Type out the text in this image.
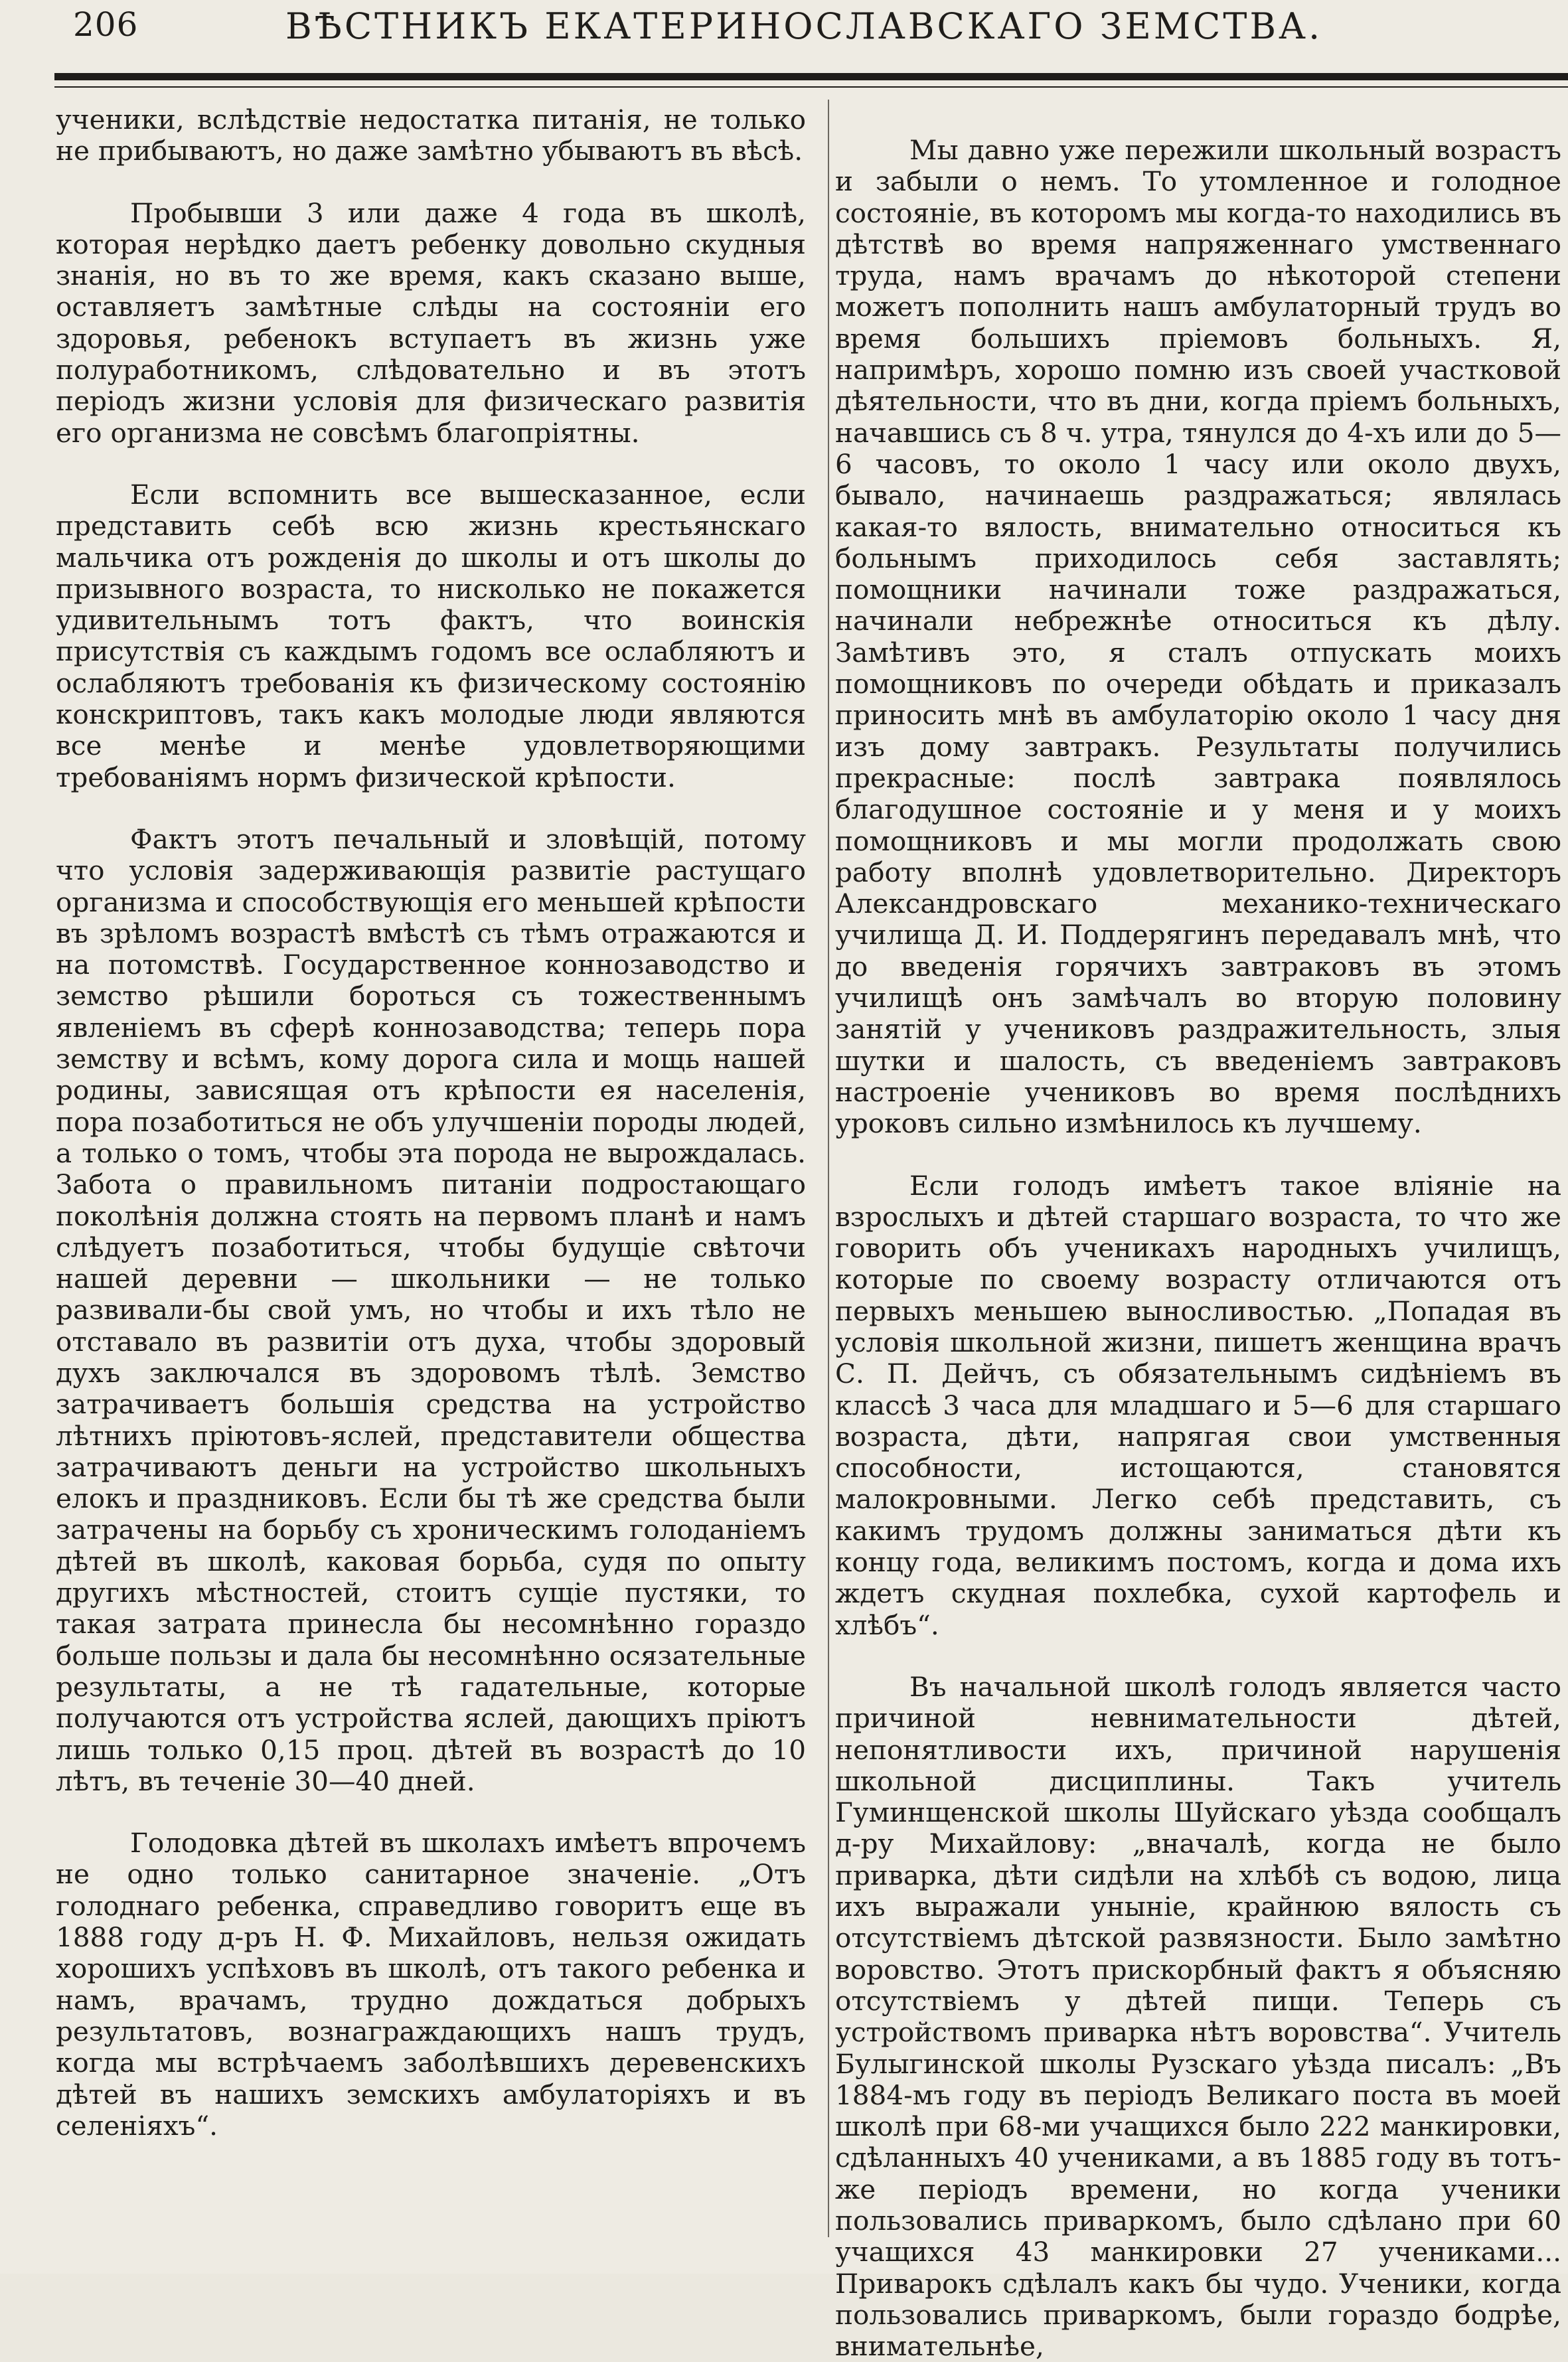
206	ВѢСТНИКЪ ЕКАТЕРИНОСЛАВСКАГО ЗЕМСТВА.

ученики, вслѣдствіе недостатка питанія, не только не прибываютъ, но даже замѣтно убываютъ въ вѣсѣ.

Пробывши 3 или даже 4 года въ школѣ, которая нерѣдко даетъ ребенку довольно скудныя знанія, но въ то же время, какъ сказано выше, оставляетъ замѣтные слѣды на состояніи его здоровья, ребенокъ вступаетъ въ жизнь уже полуработникомъ, слѣдовательно и въ этотъ періодъ жизни условія для физическаго развитія его организма не совсѣмъ благопріятны.

Если вспомнить все вышесказанное, если представить себѣ всю жизнь крестьянскаго мальчика отъ рожденія до школы и отъ школы до призывного возраста, то нисколько не покажется удивительнымъ тотъ фактъ, что воинскія присутствія съ каждымъ годомъ все ослабляютъ и ослабляютъ требованія къ физическому состоянію конскриптовъ, такъ какъ молодые люди являются все менѣе и менѣе удовлетворяющими требованіямъ нормъ физической крѣпости.

Фактъ этотъ печальный и зловѣщій, потому что условія задерживающія развитіе растущаго организма и способствующія его меньшей крѣпости въ зрѣломъ возрастѣ вмѣстѣ съ тѣмъ отражаются и на потомствѣ. Государственное коннозаводство и земство рѣшили бороться съ тожественнымъ явленіемъ въ сферѣ коннозаводства; теперь пора земству и всѣмъ, кому дорога сила и мощь нашей родины, зависящая отъ крѣпости ея населенія, пора позаботиться не объ улучшеніи породы людей, а только о томъ, чтобы эта порода не вырождалась. Забота о правильномъ питаніи подростающаго поколѣнія должна стоять на первомъ планѣ и намъ слѣдуетъ позаботиться, чтобы будущіе свѣточи нашей деревни — школьники — не только развивали-бы свой умъ, но чтобы и ихъ тѣло не отставало въ развитіи отъ духа, чтобы здоровый духъ заключался въ здоровомъ тѣлѣ. Земство затрачиваетъ большія средства на устройство лѣтнихъ пріютовъ-яслей, представители общества затрачиваютъ деньги на устройство школьныхъ елокъ и праздниковъ. Если бы тѣ же средства были затрачены на борьбу съ хроническимъ голоданіемъ дѣтей въ школѣ, каковая борьба, судя по опыту другихъ мѣстностей, стоитъ сущіе пустяки, то такая затрата принесла бы несомнѣнно гораздо больше пользы и дала бы несомнѣнно осязательные результаты, а не тѣ гадательные, которые получаются отъ устройства яслей, дающихъ пріютъ лишь только 0,15 проц. дѣтей въ возрастѣ до 10 лѣтъ, въ теченіе 30—40 дней.

Голодовка дѣтей въ школахъ имѣетъ впрочемъ не одно только санитарное значеніе. „Отъ голоднаго ребенка, справедливо говоритъ еще въ 1888 году д-ръ Н. Ф. Михайловъ, нельзя ожидать хорошихъ успѣховъ въ школѣ, отъ такого ребенка и намъ, врачамъ, трудно дождаться добрыхъ результатовъ, вознаграждающихъ нашъ трудъ, когда мы встрѣчаемъ заболѣвшихъ деревенскихъ дѣтей въ нашихъ земскихъ амбулаторіяхъ и въ селеніяхъ“.

Мы давно уже пережили школьный возрастъ и забыли о немъ. То утомленное и голодное состояніе, въ которомъ мы когда-то находились въ дѣтствѣ во время напряженнаго умственнаго труда, намъ врачамъ до нѣкоторой степени можетъ пополнить нашъ амбулаторный трудъ во время большихъ пріемовъ больныхъ. Я, напримѣръ, хорошо помню изъ своей участковой дѣятельности, что въ дни, когда пріемъ больныхъ, начавшись съ 8 ч. утра, тянулся до 4-хъ или до 5—6 часовъ, то около 1 часу или около двухъ, бывало, начинаешь раздражаться; являлась какая-то вялость, внимательно относиться къ больнымъ приходилось себя заставлять; помощники начинали тоже раздражаться, начинали небрежнѣе относиться къ дѣлу. Замѣтивъ это, я сталъ отпускать моихъ помощниковъ по очереди обѣдать и приказалъ приносить мнѣ въ амбулаторію около 1 часу дня изъ дому завтракъ. Результаты получились прекрасные: послѣ завтрака появлялось благодушное состояніе и у меня и у моихъ помощниковъ и мы могли продолжать свою работу вполнѣ удовлетворительно. Директоръ Александровскаго механико-техническаго училища Д. И. Поддерягинъ передавалъ мнѣ, что до введенія горячихъ завтраковъ въ этомъ училищѣ онъ замѣчалъ во вторую половину занятій у учениковъ раздражительность, злыя шутки и шалость, съ введеніемъ завтраковъ настроеніе учениковъ во время послѣднихъ уроковъ сильно измѣнилось къ лучшему.

Если голодъ имѣетъ такое вліяніе на взрослыхъ и дѣтей старшаго возраста, то что же говорить объ ученикахъ народныхъ училищъ, которые по своему возрасту отличаются отъ первыхъ меньшею выносливостью. „Попадая въ условія школьной жизни, пишетъ женщина врачъ С. П. Дейчъ, съ обязательнымъ сидѣніемъ въ классѣ 3 часа для младшаго и 5—6 для старшаго возраста, дѣти, напрягая свои умственныя способности, истощаются, становятся малокровными. Легко себѣ представить, съ какимъ трудомъ должны заниматься дѣти къ концу года, великимъ постомъ, когда и дома ихъ ждетъ скудная похлебка, сухой картофель и хлѣбъ“.

Въ начальной школѣ голодъ является часто причиной невнимательности дѣтей, непонятливости ихъ, причиной нарушенія школьной дисциплины. Такъ учитель Гуминщенской школы Шуйскаго уѣзда сообщалъ д-ру Михайлову: „вначалѣ, когда не было приварка, дѣти сидѣли на хлѣбѣ съ водою, лица ихъ выражали уныніе, крайнюю вялость съ отсутствіемъ дѣтской развязности. Было замѣтно воровство. Этотъ прискорбный фактъ я объясняю отсутствіемъ у дѣтей пищи. Теперь съ устройствомъ приварка нѣтъ воровства“. Учитель Булыгинской школы Рузскаго уѣзда писалъ: „Въ 1884-мъ году въ періодъ Великаго поста въ моей школѣ при 68-ми учащихся было 222 манкировки, сдѣланныхъ 40 учениками, а въ 1885 году въ тотъ-же періодъ времени, но когда ученики пользовались приваркомъ, было сдѣлано при 60 учащихся 43 манкировки 27 учениками... Приварокъ сдѣлалъ какъ бы чудо. Ученики, когда пользовались приваркомъ, были гораздо бодрѣе, внимательнѣе,
